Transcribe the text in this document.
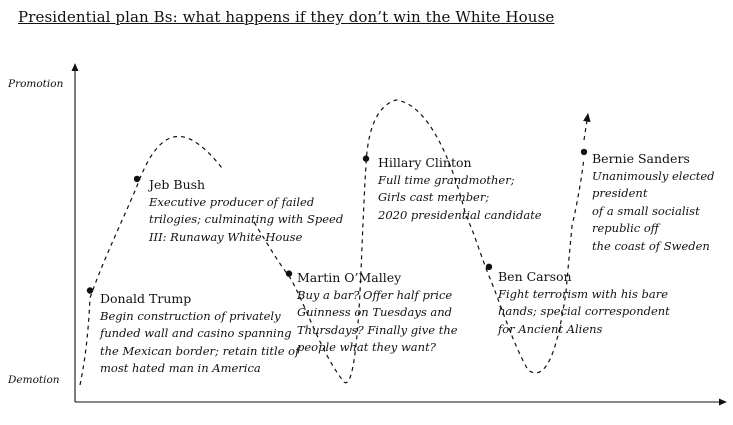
Presidential plan Bs: what happens if they don’t win the White House
Promotion
Demotion
Donald Trump
Begin construction of privately
funded wall and casino spanning
the Mexican border; retain title of
most hated man in America
Jeb Bush
Executive producer of failed
trilogies; culminating with Speed
III: Runaway White House
Martin O’Malley
Buy a bar? Offer half price
Guinness on Tuesdays and
Thursdays? Finally give the
people what they want?
Hillary Clinton
Full time grandmother;
Girls cast member;
2020 presidential candidate
Ben Carson
Fight terrorism with his bare
hands; special correspondent
for Ancient Aliens
Bernie Sanders
Unanimously elected president
of a small socialist republic off
the coast of Sweden
